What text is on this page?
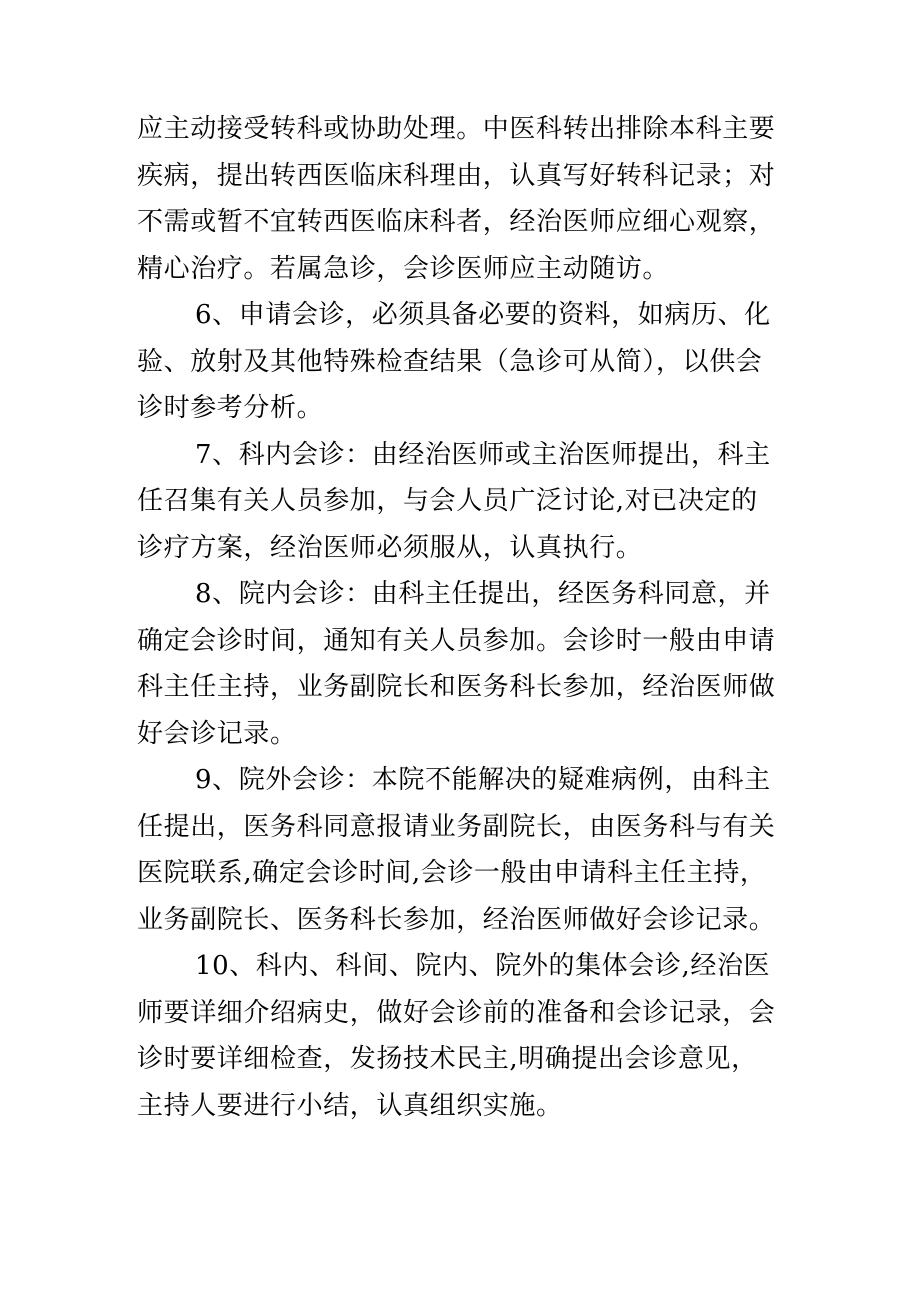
应主动接受转科或协助处理。中医科转出排除本科主要
疾病，提出转西医临床科理由，认真写好转科记录；对
不需或暂不宜转西医临床科者，经治医师应细心观察，
精心治疗。若属急诊，会诊医师应主动随访。
6、申请会诊，必须具备必要的资料，如病历、化
验、放射及其他特殊检查结果（急诊可从简），以供会
诊时参考分析。
7、科内会诊：由经治医师或主治医师提出，科主
任召集有关人员参加，与会人员广泛讨论,对已决定的
诊疗方案，经治医师必须服从，认真执行。
8、院内会诊：由科主任提出，经医务科同意，并
确定会诊时间，通知有关人员参加。会诊时一般由申请
科主任主持，业务副院长和医务科长参加，经治医师做
好会诊记录。
9、院外会诊：本院不能解决的疑难病例，由科主
任提出，医务科同意报请业务副院长，由医务科与有关
医院联系,确定会诊时间,会诊一般由申请科主任主持，
业务副院长、医务科长参加，经治医师做好会诊记录。
10、科内、科间、院内、院外的集体会诊,经治医
师要详细介绍病史，做好会诊前的准备和会诊记录，会
诊时要详细检查，发扬技术民主,明确提出会诊意见，
主持人要进行小结，认真组织实施。
